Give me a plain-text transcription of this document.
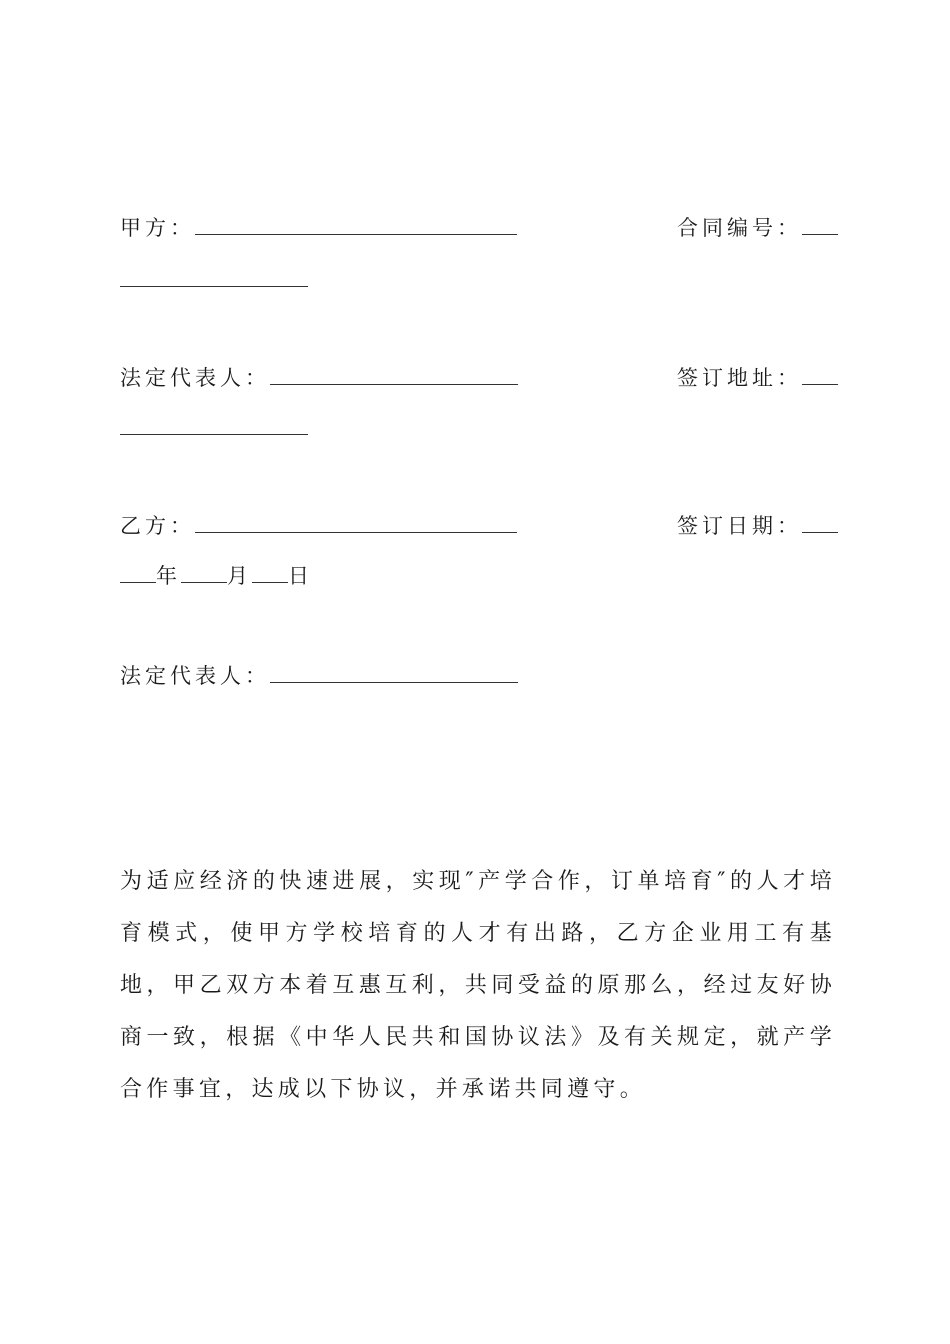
甲方：	合同编号：
法定代表人：	签订地址：
乙方：	签订日期：
年 月 日
法定代表人：
为适应经济的快速进展，实现″产学合作，订单培育″的人才培育模式，使甲方学校培育的人才有出路，乙方企业用工有基地，甲乙双方本着互惠互利，共同受益的原那么，经过友好协商一致，根据《中华人民共和国协议法》及有关规定，就产学合作事宜，达成以下协议，并承诺共同遵守。
